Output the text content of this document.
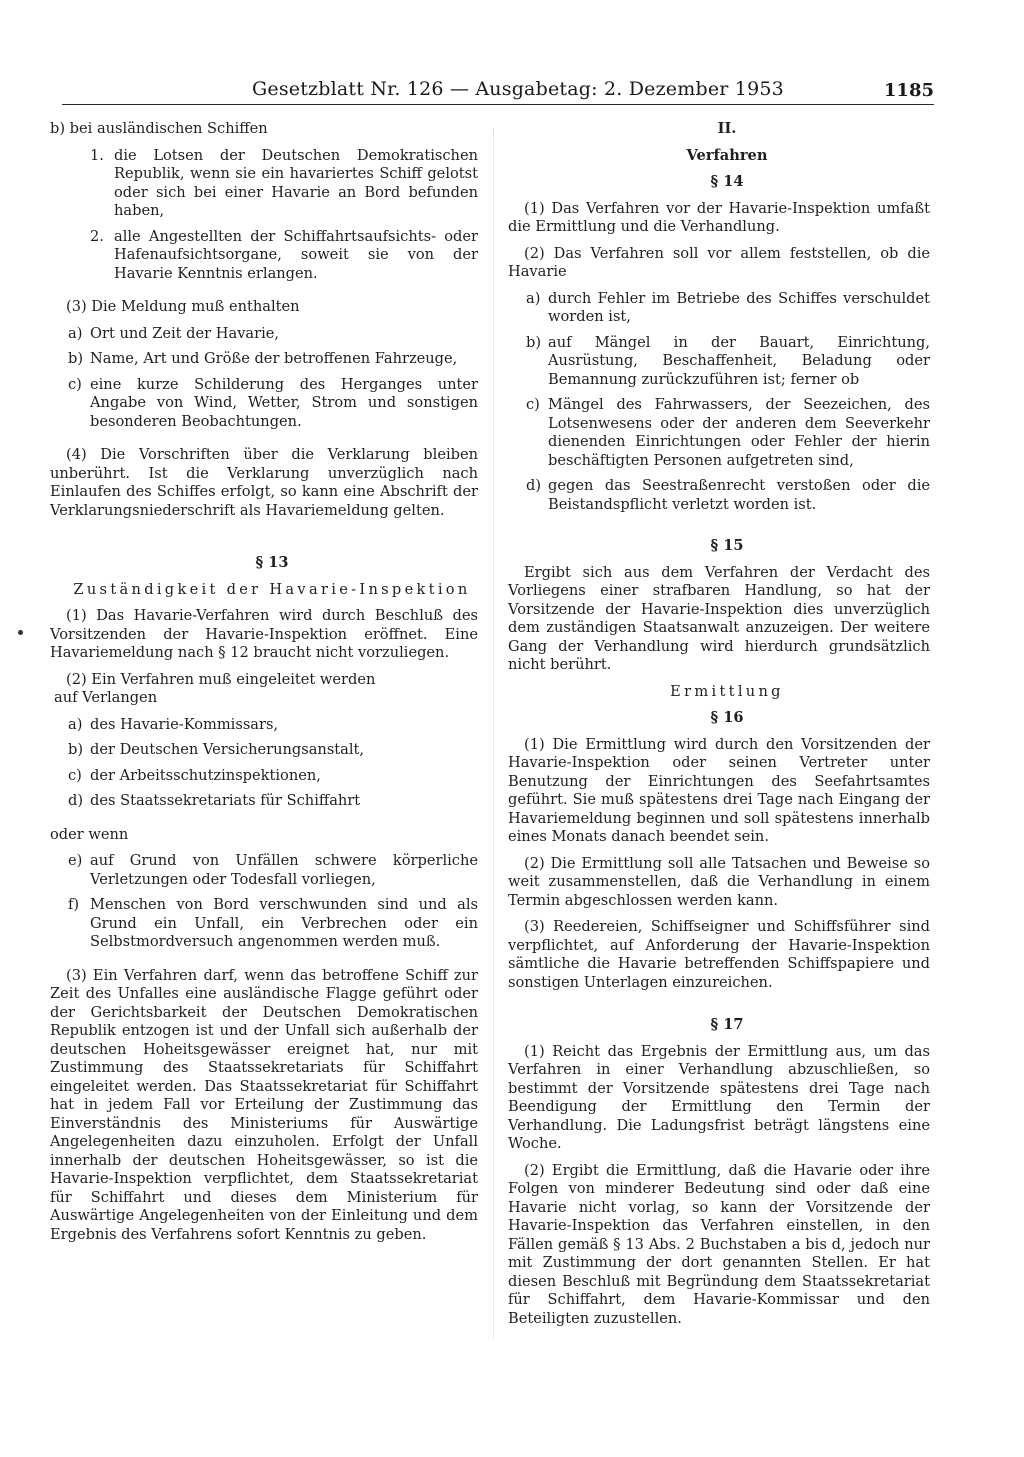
Gesetzblatt Nr. 126 — Ausgabetag: 2. Dezember 1953	1185

b) bei ausländischen Schiffen

1. die Lotsen der Deutschen Demokratischen Republik, wenn sie ein havariertes Schiff gelotst oder sich bei einer Havarie an Bord befunden haben,
2. alle Angestellten der Schiffahrtsaufsichts- oder Hafenaufsichtsorgane, soweit sie von der Havarie Kenntnis erlangen.

(3) Die Meldung muß enthalten

a) Ort und Zeit der Havarie,
b) Name, Art und Größe der betroffenen Fahrzeuge,
c) eine kurze Schilderung des Herganges unter Angabe von Wind, Wetter, Strom und sonstigen besonderen Beobachtungen.

(4) Die Vorschriften über die Verklarung bleiben unberührt. Ist die Verklarung unverzüglich nach Einlaufen des Schiffes erfolgt, so kann eine Abschrift der Verklarungsniederschrift als Havariemeldung gelten.

§ 13

Zuständigkeit der Havarie-Inspektion

(1) Das Havarie-Verfahren wird durch Beschluß des Vorsitzenden der Havarie-Inspektion eröffnet. Eine Havariemeldung nach § 12 braucht nicht vorzuliegen.

(2) Ein Verfahren muß eingeleitet werden

auf Verlangen

a) des Havarie-Kommissars,
b) der Deutschen Versicherungsanstalt,
c) der Arbeitsschutzinspektionen,
d) des Staatssekretariats für Schiffahrt

oder wenn

e) auf Grund von Unfällen schwere körperliche Verletzungen oder Todesfall vorliegen,
f) Menschen von Bord verschwunden sind und als Grund ein Unfall, ein Verbrechen oder ein Selbstmordversuch angenommen werden muß.

(3) Ein Verfahren darf, wenn das betroffene Schiff zur Zeit des Unfalles eine ausländische Flagge geführt oder der Gerichtsbarkeit der Deutschen Demokratischen Republik entzogen ist und der Unfall sich außerhalb der deutschen Hoheitsgewässer ereignet hat, nur mit Zustimmung des Staatssekretariats für Schiffahrt eingeleitet werden. Das Staatssekretariat für Schiffahrt hat in jedem Fall vor Erteilung der Zustimmung das Einverständnis des Ministeriums für Auswärtige Angelegenheiten dazu einzuholen. Erfolgt der Unfall innerhalb der deutschen Hoheitsgewässer, so ist die Havarie-Inspektion verpflichtet, dem Staatssekretariat für Schiffahrt und dieses dem Ministerium für Auswärtige Angelegenheiten von der Einleitung und dem Ergebnis des Verfahrens sofort Kenntnis zu geben.

II.

Verfahren

§ 14

(1) Das Verfahren vor der Havarie-Inspektion umfaßt die Ermittlung und die Verhandlung.

(2) Das Verfahren soll vor allem feststellen, ob die Havarie

a) durch Fehler im Betriebe des Schiffes verschuldet worden ist,
b) auf Mängel in der Bauart, Einrichtung, Ausrüstung, Beschaffenheit, Beladung oder Bemannung zurückzuführen ist; ferner ob
c) Mängel des Fahrwassers, der Seezeichen, des Lotsenwesens oder der anderen dem Seeverkehr dienenden Einrichtungen oder Fehler der hierin beschäftigten Personen aufgetreten sind,
d) gegen das Seestraßenrecht verstoßen oder die Beistandspflicht verletzt worden ist.

§ 15

Ergibt sich aus dem Verfahren der Verdacht des Vorliegens einer strafbaren Handlung, so hat der Vorsitzende der Havarie-Inspektion dies unverzüglich dem zuständigen Staatsanwalt anzuzeigen. Der weitere Gang der Verhandlung wird hierdurch grundsätzlich nicht berührt.

Ermittlung

§ 16

(1) Die Ermittlung wird durch den Vorsitzenden der Havarie-Inspektion oder seinen Vertreter unter Benutzung der Einrichtungen des Seefahrtsamtes geführt. Sie muß spätestens drei Tage nach Eingang der Havariemeldung beginnen und soll spätestens innerhalb eines Monats danach beendet sein.

(2) Die Ermittlung soll alle Tatsachen und Beweise so weit zusammenstellen, daß die Verhandlung in einem Termin abgeschlossen werden kann.

(3) Reedereien, Schiffseigner und Schiffsführer sind verpflichtet, auf Anforderung der Havarie-Inspektion sämtliche die Havarie betreffenden Schiffspapiere und sonstigen Unterlagen einzureichen.

§ 17

(1) Reicht das Ergebnis der Ermittlung aus, um das Verfahren in einer Verhandlung abzuschließen, so bestimmt der Vorsitzende spätestens drei Tage nach Beendigung der Ermittlung den Termin der Verhandlung. Die Ladungsfrist beträgt längstens eine Woche.

(2) Ergibt die Ermittlung, daß die Havarie oder ihre Folgen von minderer Bedeutung sind oder daß eine Havarie nicht vorlag, so kann der Vorsitzende der Havarie-Inspektion das Verfahren einstellen, in den Fällen gemäß § 13 Abs. 2 Buchstaben a bis d, jedoch nur mit Zustimmung der dort genannten Stellen. Er hat diesen Beschluß mit Begründung dem Staatssekretariat für Schiffahrt, dem Havarie-Kommissar und den Beteiligten zuzustellen.
